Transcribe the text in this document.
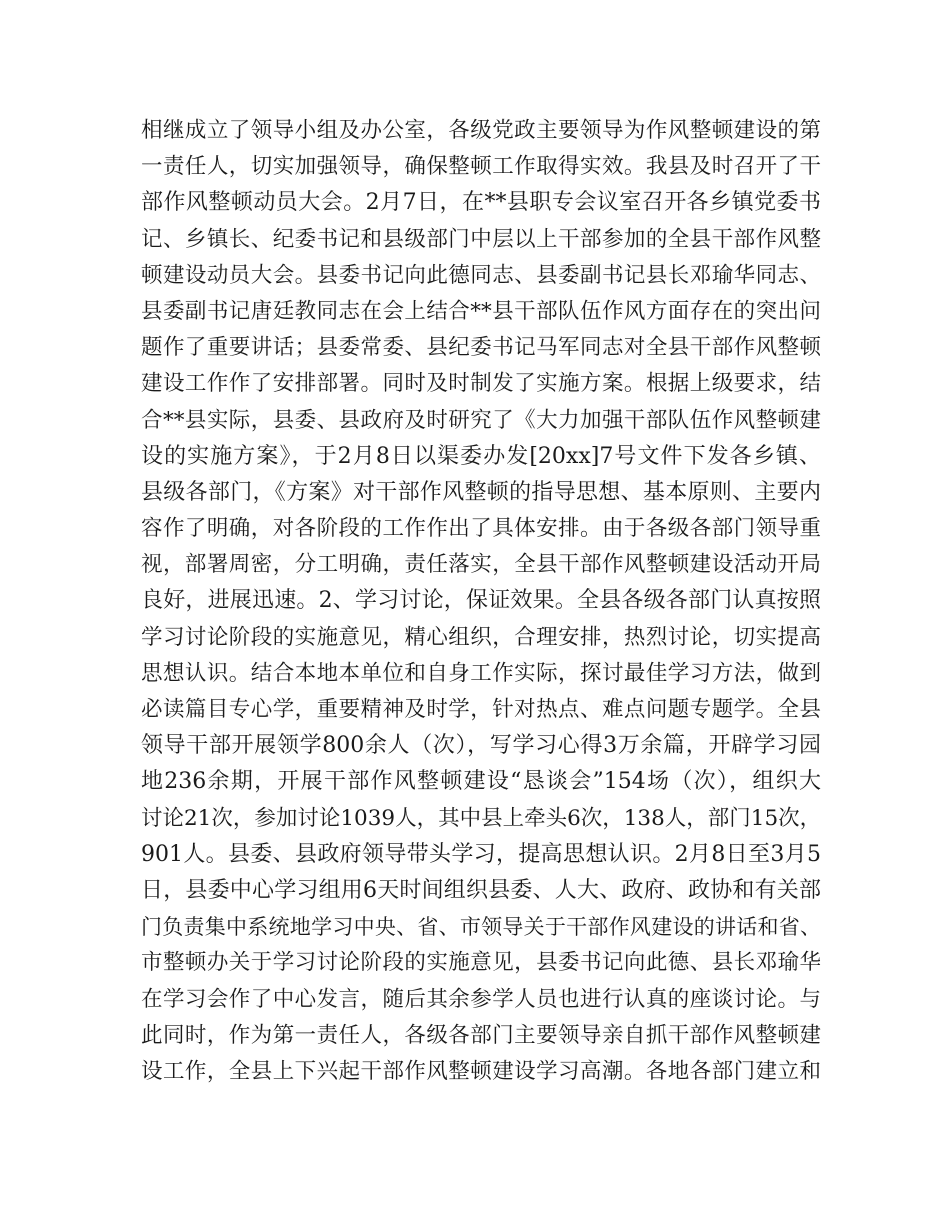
相继成立了领导小组及办公室，各级党政主要领导为作风整顿建设的第
一责任人，切实加强领导，确保整顿工作取得实效。我县及时召开了干
部作风整顿动员大会。2月7日，在**县职专会议室召开各乡镇党委书
记、乡镇长、纪委书记和县级部门中层以上干部参加的全县干部作风整
顿建设动员大会。县委书记向此德同志、县委副书记县长邓瑜华同志、
县委副书记唐廷教同志在会上结合**县干部队伍作风方面存在的突出问
题作了重要讲话；县委常委、县纪委书记马军同志对全县干部作风整顿
建设工作作了安排部署。同时及时制发了实施方案。根据上级要求，结
合**县实际，县委、县政府及时研究了《大力加强干部队伍作风整顿建
设的实施方案》，于2月8日以渠委办发[20xx]7号文件下发各乡镇、
县级各部门，《方案》对干部作风整顿的指导思想、基本原则、主要内
容作了明确，对各阶段的工作作出了具体安排。由于各级各部门领导重
视，部署周密，分工明确，责任落实，全县干部作风整顿建设活动开局
良好，进展迅速。2、学习讨论，保证效果。全县各级各部门认真按照
学习讨论阶段的实施意见，精心组织，合理安排，热烈讨论，切实提高
思想认识。结合本地本单位和自身工作实际，探讨最佳学习方法，做到
必读篇目专心学，重要精神及时学，针对热点、难点问题专题学。全县
领导干部开展领学800余人（次），写学习心得3万余篇，开辟学习园
地236余期，开展干部作风整顿建设“恳谈会”154场（次），组织大
讨论21次，参加讨论1039人，其中县上牵头6次，138人，部门15次，
901人。县委、县政府领导带头学习，提高思想认识。2月8日至3月5
日，县委中心学习组用6天时间组织县委、人大、政府、政协和有关部
门负责集中系统地学习中央、省、市领导关于干部作风建设的讲话和省、
市整顿办关于学习讨论阶段的实施意见，县委书记向此德、县长邓瑜华
在学习会作了中心发言，随后其余参学人员也进行认真的座谈讨论。与
此同时，作为第一责任人，各级各部门主要领导亲自抓干部作风整顿建
设工作，全县上下兴起干部作风整顿建设学习高潮。各地各部门建立和
